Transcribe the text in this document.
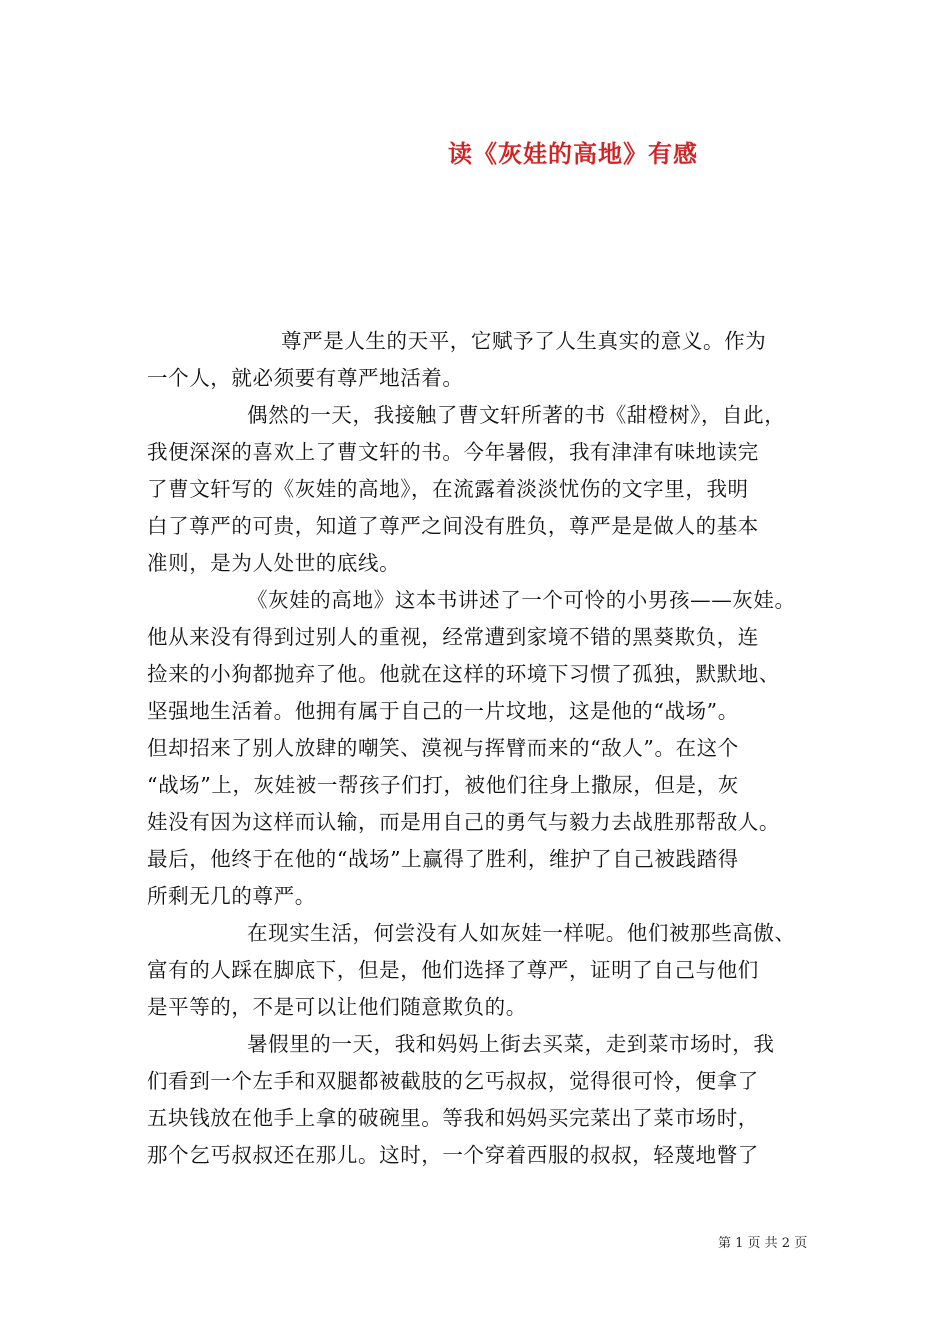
读《灰娃的高地》有感
尊严是人生的天平，它赋予了人生真实的意义。作为
一个人，就必须要有尊严地活着。
偶然的一天，我接触了曹文轩所著的书《甜橙树》，自此，
我便深深的喜欢上了曹文轩的书。今年暑假，我有津津有味地读完
了曹文轩写的《灰娃的高地》，在流露着淡淡忧伤的文字里，我明
白了尊严的可贵，知道了尊严之间没有胜负，尊严是是做人的基本
准则，是为人处世的底线。
《灰娃的高地》这本书讲述了一个可怜的小男孩——灰娃。
他从来没有得到过别人的重视，经常遭到家境不错的黑葵欺负，连
捡来的小狗都抛弃了他。他就在这样的环境下习惯了孤独，默默地、
坚强地生活着。他拥有属于自己的一片坟地，这是他的“战场”。
但却招来了别人放肆的嘲笑、漠视与挥臂而来的“敌人”。在这个
“战场”上，灰娃被一帮孩子们打，被他们往身上撒尿，但是，灰
娃没有因为这样而认输，而是用自己的勇气与毅力去战胜那帮敌人。
最后，他终于在他的“战场”上赢得了胜利，维护了自己被践踏得
所剩无几的尊严。
在现实生活，何尝没有人如灰娃一样呢。他们被那些高傲、
富有的人踩在脚底下，但是，他们选择了尊严，证明了自己与他们
是平等的，不是可以让他们随意欺负的。
暑假里的一天，我和妈妈上街去买菜，走到菜市场时，我
们看到一个左手和双腿都被截肢的乞丐叔叔，觉得很可怜，便拿了
五块钱放在他手上拿的破碗里。等我和妈妈买完菜出了菜市场时，
那个乞丐叔叔还在那儿。这时，一个穿着西服的叔叔，轻蔑地瞥了
第 1 页 共 2 页
